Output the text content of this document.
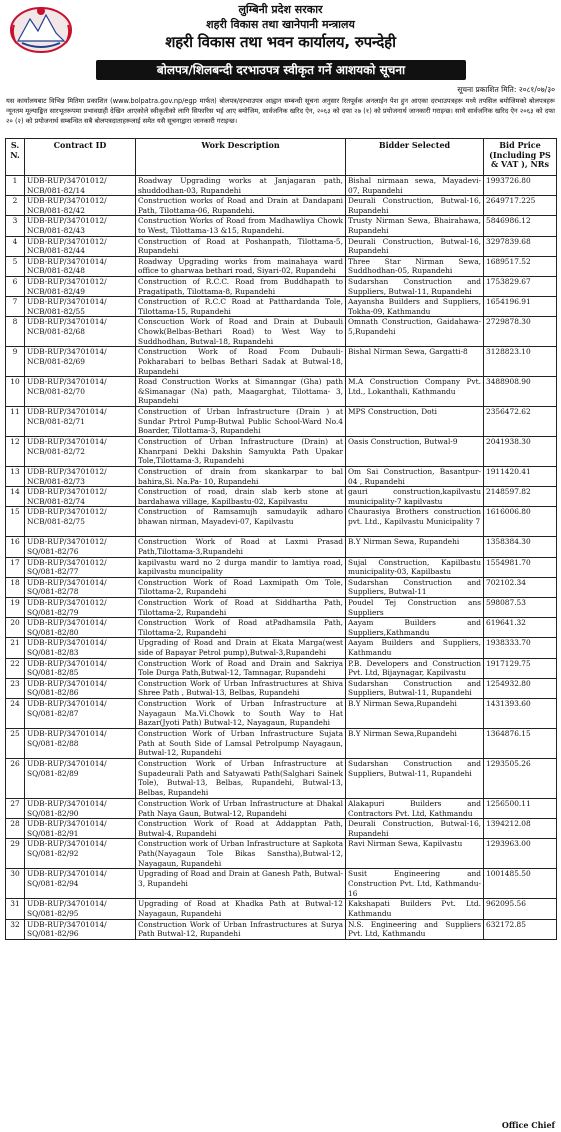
लुम्बिनी प्रदेश सरकार
शहरी विकास तथा खानेपानी मन्त्रालय
शहरी विकास तथा भवन कार्यालय, रुपन्देही
बोलपत्र/शिलबन्दी दरभाउपत्र स्वीकृत गर्ने आशयको सूचना
सूचना प्रकाशित मिति: २०८१/०७/३०
यस कार्यालयबाट विभिन्न मितिमा प्रकाशित (www.bolpatra.gov.np/egp मार्फत) बोलपत्र/दरभाउपत्र आह्वान सम्बन्धी सूचना अनुसार रितपूर्वक अनलाईन पेश हुन आएका दरभाउपत्रहरू मध्ये तपसिल बमोजिमको बोलपत्रहरू न्यूनतम मूल्याङ्कित सारभूतरूपमा प्रभावग्राही देखिन आएकोले स्वीकृतीको लागि सिफारिस भई आए बमोजिम, सार्वजनिक खरिद ऐन, २०६३ को दफा २७ (१) को प्रयोजनार्थ जानकारी गराइन्छ। साथै सार्वजनिक खरिद ऐन २०६३ को दफा २० (२) को प्रयोजनार्थ सम्बन्धित सबै बोलपत्रदाताहरूलाई समेत यसै सूचनाद्वारा जानकारी गराइन्छ।
S. N.	Contract ID	Work Description	Bidder Selected	Bid Price (Including PS & VAT ), NRs
1	UDB-RUP/34701012/ NCB/081-82/14	Roadway Upgrading works at Janjagaran path, shuddodhan-03, Rupandehi	Bishal nirmaan sewa, Mayadevi-07, Rupandehi	1993726.80
2	UDB-RUP/34701012/ NCB/081-82/42	Construction works of Road and Drain at Dandapani Path, Tilottama-06, Rupandehi.	Deurali Construction, Butwal-16, Rupandehi	2649717.225
3	UDB-RUP/34701012/ NCB/081-82/43	Construction Works of Road from Madhawliya Chowk to West, Tilottama-13 &15, Rupandehi.	Trusty Nirman Sewa, Bhairahawa, Rupandehi	5846986.12
4	UDB-RUP/34701012/ NCB/081-82/44	Construction of Road at Poshanpath, Tilottama-5, Rupandehi	Deurali Construction, Butwal-16, Rupandehi	3297839.68
5	UDB-RUP/34701014/ NCB/081-82/48	Roadway Upgrading works from mainahaya ward office to gharwaa bethari road, Siyari-02, Rupandehi	Three Star Nirman Sewa, Suddhodhan-05, Rupandehi	1689517.52
6	UDB-RUP/34701012/ NCB/081-82/49	Construction of R.C.C. Road from Buddhapath to Pragatipath, Tilottama-8, Rupandehi	Sudarshan Construction and Suppliers, Butwal-11, Rupandehi	1753829.67
7	UDB-RUP/34701014/ NCB/081-82/55	Construction of R.C.C Road at Patthardanda Tole, Tilottama-15, Rupandehi	Aayansha Builders and Suppliers, Tokha-09, Kathmandu	1654196.91
8	UDB-RUP/34701014/ NCB/081-82/68	Conscuction Work of Road and Drain at Dubauli Chowk(Belbas-Bethari Road) to West Way to Suddhodhan, Butwal-18, Rupandehi	Omnath Construction, Gaidahawa-5,Rupandehi	2729878.30
9	UDB-RUP/34701014/ NCB/081-82/69	Construction Work of Road Fcom Dubauli- Pokharabari to belbas Bethari Sadak at Butwal-18, Rupandehi	Bishal Nirman Sewa, Gargatti-8	3128823.10
10	UDB-RUP/34701014/ NCB/081-82/70	Road Construction Works at Simanngar (Gha) path &Simanagar (Na) path, Maagarghat, Tilottama- 3, Rupandehi	M.A Construction Company Pvt. Ltd., Lokanthali, Kathmandu	3488908.90
11	UDB-RUP/34701014/ NCB/081-82/71	Construction of Urban Infrastructure (Drain ) at Sundar Prtrol Pump-Butwal Public School-Ward No.4 Boarder, Tilottama-3, Rupandehi	MPS Construction, Doti	2356472.62
12	UDB-RUP/34701014/ NCB/081-82/72	Construction of Urban Infrastructure (Drain) at Khanrpani Dekhi Dakshin Samyukta Path Upakar Tole,Tilottama-3, Rupandehi	Oasis Construction, Butwal-9	2041938.30
13	UDB-RUP/34701012/ NCB/081-82/73	Construction of drain from skankarpar to bal bahira,Si. Na.Pa- 10, Rupandehi	Om Sai Construction, Basantpur-04 , Rupandehi	1911420.41
14	UDB-RUP/34701012/ NCB/081-82/74	Construction of road, drain slab kerb stone at bardahawa village, Kapilbastu-02, Kapilvastu	gauri construction,kapilvastu municipality-7 kapilvastu	2148597.82
15	UDB-RUP/34701012/ NCB/081-82/75	Construction of Ramsamujh samudayik adharo bhawan nirman, Mayadevi-07, Kapilvastu	Chaurasiya Brothers construction pvt. Ltd., Kapilvastu Municipality 7	1616006.80
16	UDB-RUP/34701012/ SQ/081-82/76	Construction Work of Road at Laxmi Prasad Path,Tilottama-3,Rupandehi	B.Y Nirman Sewa, Rupandehi	1358384.30
17	UDB-RUP/34701012/ SQ/081-82/77	kapilvastu ward no 2 durga mandir to lamtiya road, kapilvastu muncipality	Sujal Construction, Kapilbastu municipality-03, Kapilbastu	1554981.70
18	UDB-RUP/34701014/ SQ/081-82/78	Construction Work of Road Laxmipath Om Tole, Tilottama-2, Rupandehi	Sudarshan Construction and Suppliers, Butwal-11	702102.34
19	UDB-RUP/34701012/ SQ/081-82/79	Construction Work of Road at Siddhartha Path, Tilottama-2, Rupandehi	Poudel Tej Construction ans Suppliers	598087.53
20	UDB-RUP/34701014/ SQ/081-82/80	Construction Work of Road atPadhamsila Path, Tilottama-2, Rupandehi	Aayam Builders and Suppliers,Kathmandu	619641.32
21	UDB-RUP/34701014/ SQ/081-82/83	Upgrading of Road and Drain at Ekata Marga(west side of Bapayar Petrol pump),Butwal-3,Rupandehi	Aayam Builders and Suppliers, Kathmandu	1938333.70
22	UDB-RUP/34701014/ SQ/081-82/85	Construction Work of Road and Drain and Sakriya Tole Durga Path,Butwal-12, Tamnagar, Rupandehi	P.B. Developers and Construction Pvt. Ltd, Bijaynagar, Kapilvastu	1917129.75
23	UDB-RUP/34701014/ SQ/081-82/86	Construction Work of Urban Infrastructures at Shiva Shree Path , Butwal-13, Belbas, Rupandehi	Sudarshan Construction and Suppliers, Butwal-11, Rupandehi	1254932.80
24	UDB-RUP/34701014/ SQ/081-82/87	Construction Work of Urban Infrastructure at Nayagaun Ma.Vi.Chowk to South Way to Hat Bazar(Jyoti Path) Butwal-12, Nayagaun, Rupandehi	B.Y Nirman Sewa,Rupandehi	1431393.60
25	UDB-RUP/34701014/ SQ/081-82/88	Construction Work of Urban Infrastructure Sujata Path at South Side of Lamsal Petrolpump Nayagaun, Butwal-12, Rupandehi	B.Y Nirman Sewa,Rupandehi	1364876.15
26	UDB-RUP/34701014/ SQ/081-82/89	Construction Work of Urban Infrastructure at Supadeurali Path and Satyawati Path(Salghari Sainek Tole), Butwal-13, Belbas, Rupandehi, Butwal-13, Belbas, Rupandehi	Sudarshan Construction and Suppliers, Butwal-11, Rupandehi	1293505.26
27	UDB-RUP/34701014/ SQ/081-82/90	Construction Work of Urban Infrastructure at Dhakal Path Naya Gaun, Butwal-12, Rupandehi	Alakapuri Builders and Contractors Pvt. Ltd, Kathmandu	1256500.11
28	UDB-RUP/34701014/ SQ/081-82/91	Construction Work of Road at Addapptan Path, Butwal-4, Rupandehi	Deurali Construction, Butwal-16, Rupandehi	1394212.08
29	UDB-RUP/34701014/ SQ/081-82/92	Construction work of Urban Infrastructure at Sapkota Path(Nayagaun Tole Bikas Sanstha),Butwal-12, Nayagaun, Rupandehi	Ravi Nirman Sewa, Kapilvastu	1293963.00
30	UDB-RUP/34701014/ SQ/081-82/94	Upgrading of Road and Drain at Ganesh Path, Butwal-3, Rupandehi	Susit Engineering and Construction Pvt. Ltd, Kathmandu-16	1001485.50
31	UDB-RUP/34701014/ SQ/081-82/95	Upgrading of Road at Khadka Path at Butwal-12 Nayagaun, Rupandehi	Kakshapati Builders Pvt. Ltd. Kathmandu	962095.56
32	UDB-RUP/34701014/ SQ/081-82/96	Construction Work of Urban Infrastructures at Surya Path Butwal-12, Rupandehi	N.S. Engineering and Suppliers Pvt. Ltd, Kathmandu	632172.85
Office Chief
